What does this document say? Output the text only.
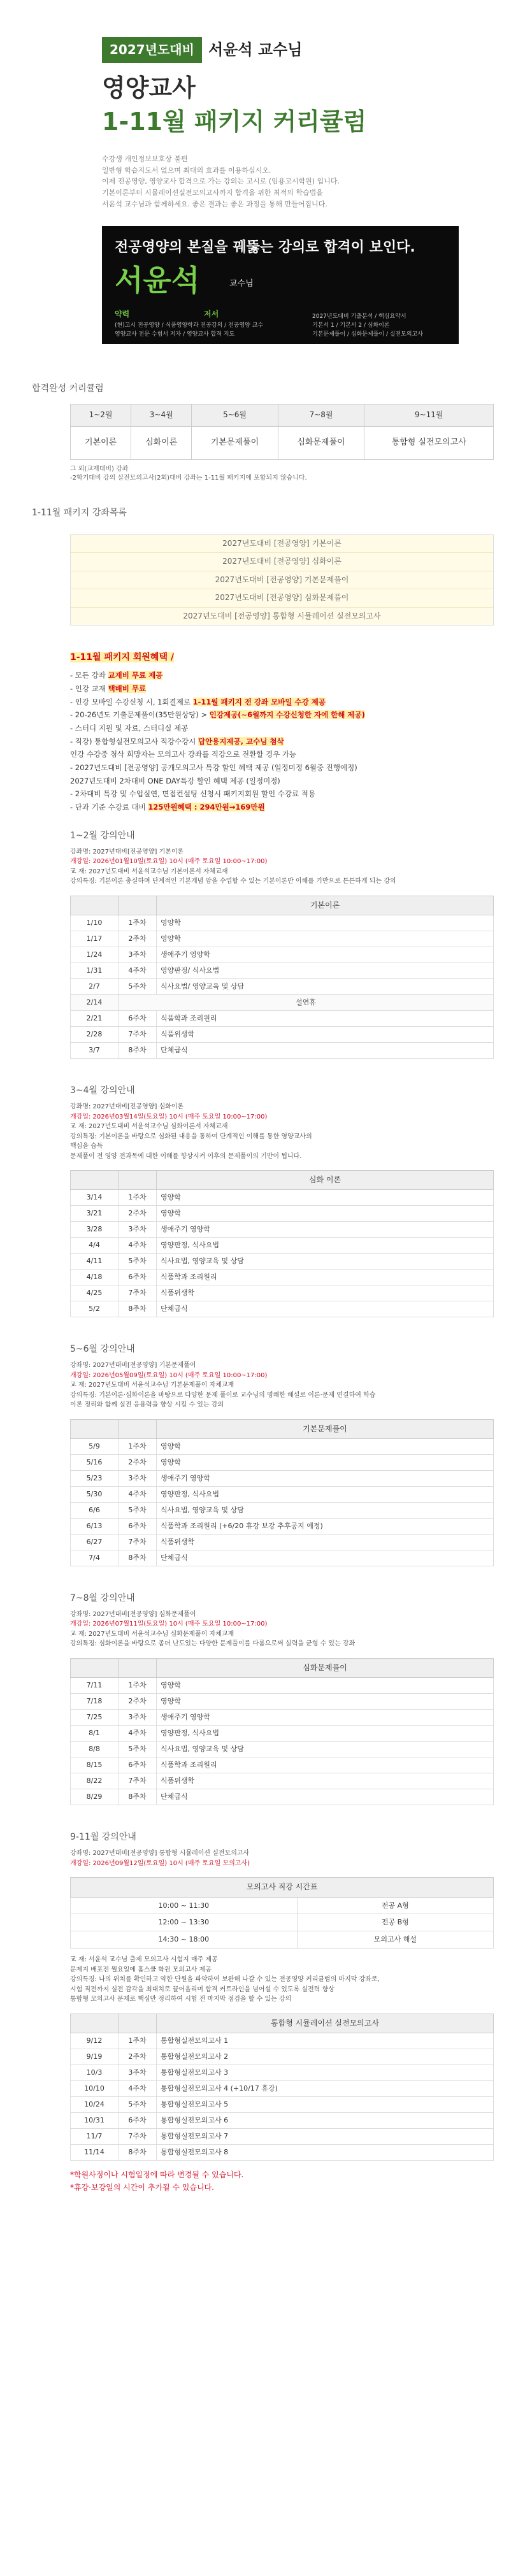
2027년도대비 서윤석 교수님
영양교사
1-11월 패키지 커리큘럼

수강생 개인정보보호상 불편

일반형 학습지도서 없으며 최대의 효과를 이용하십시오.

이제 전공영양, 영양교사 합격으로 가는 강의는 고시로 (임용고시학원) 입니다.

기본이론부터 시뮬레이션실전모의고사까지 합격을 위한 최적의 학습법을

서윤석 교수님과 함께하세요. 좋은 결과는 좋은 과정을 통해 만들어집니다.

전공영양의 본질을 꿰뚫는 강의로 합격이 보인다.
서윤석	교수님
약력	저서
(현)고시 전공영양 / 식품영양학과 전공강의 / 전공영양 교수
영양교사 전문 수험서 저자 / 영양교사 합격 지도
기본서 1 / 기본서 2 / 심화이론
기본문제풀이 / 심화문제풀이 / 실전모의고사
2027년도대비 기출분석 / 핵심요약서
합격완성 커리큘럼
1~2월	3~4월	5~6월	7~8월	9~11월
기본이론	심화이론	기본문제풀이	심화문제풀이	통합형 실전모의고사

그 외(교재대비) 강좌

-2학기대비 강의 실전모의고사(2회)대비 강좌는 1-11월 패키지에 포함되지 않습니다.

1-11월 패키지 강좌목록
2027년도대비 [전공영양] 기본이론
2027년도대비 [전공영양] 심화이론
2027년도대비 [전공영양] 기본문제풀이
2027년도대비 [전공영양] 심화문제풀이
2027년도대비 [전공영양] 통합형 시뮬레이션 실전모의고사
1-11월 패키지 회원혜택 /
- 모든 강좌 교재비 무료 제공
- 인강 교재 택배비 무료
- 인강 모바일 수강신청 시, 1회결제로 1-11월 패키지 전 강좌 모바일 수강 제공
- 20-26년도 기출문제풀이(35만원상당) > 인강제공(~6월까지 수강신청한 자에 한해 제공)
- 스터디 지원 및 자료, 스터디실 제공
- 직강) 통합형실전모의고사 직강수강시 답안용지제공, 교수님 첨삭
인강 수강중 첨삭 희망자는 모의고사 강좌를 직강으로 전환할 경우 가능
- 2027년도대비 [전공영양] 공개모의고사 특강 할인 혜택 제공 (일정미정 6월중 진행예정)
2027년도대비 2차대비 ONE DAY특강 할인 혜택 제공 (일정미정)
- 2차대비 특강 및 수업실연, 면접컨설팅 신청시 패키지회원 할인 수강료 적용
- 단과 기준 수강료 대비 125만원혜택 : 294만원→169만원
1~2월 강의안내

강좌명: 2027년대비[전공영양] 기본이론

개강일: 2026년01월10일(토요일) 10시 (매주 토요일 10:00~17:00)

교 재: 2027년도대비 서윤석교수님 기본이론서 자체교재

강의특징: 기본이론 충실하며 단계적인 기본개념 암을 수업할 수 있는 기본이론반 이해를 기반으로 튼튼하게 되는 강의

		기본이론
1/10	1주차	영양학
1/17	2주차	영양학
1/24	3주차	생애주기 영양학
1/31	4주차	영양판정/ 식사요법
2/7	5주차	식사요법/ 영양교육 및 상담
2/14	설연휴	
2/21	6주차	식품학과 조리원리
2/28	7주차	식품위생학
3/7	8주차	단체급식
3~4월 강의안내

강좌명: 2027년대비[전공영양] 심화이론

개강일: 2026년03월14일(토요일) 10시 (매주 토요일 10:00~17:00)

교 재: 2027년도대비 서윤석교수님 심화이론서 자체교재

강의특징: 기본이론을 바탕으로 심화된 내용을 통하여 단계적인 이해를 통한 영양교사의

핵심을 습득

문제풀이 전 영양 전과목에 대한 이해를 향상시켜 이후의 문제풀이의 기반이 됩니다.

		심화 이론
3/14	1주차	영양학
3/21	2주차	영양학
3/28	3주차	생애주기 영양학
4/4	4주차	영양판정, 식사요법
4/11	5주차	식사요법, 영양교육 및 상담
4/18	6주차	식품학과 조리원리
4/25	7주차	식품위생학
5/2	8주차	단체급식
5~6월 강의안내

강좌명: 2027년대비[전공영양] 기본문제풀이

개강일: 2026년05월09일(토요일) 10시 (매주 토요일 10:00~17:00)

교 재: 2027년도대비 서윤석교수님 기본문제풀이 자체교재

강의특징: 기본이론·심화이론을 바탕으로 다양한 문제 풀이로 교수님의 명쾌한 해설로 이론·문제 연결하여 학습

이론 정리와 함께 실전 응용력을 향상 시킬 수 있는 강의

		기본문제풀이
5/9	1주차	영양학
5/16	2주차	영양학
5/23	3주차	생애주기 영양학
5/30	4주차	영양판정, 식사요법
6/6	5주차	식사요법, 영양교육 및 상담
6/13	6주차	식품학과 조리원리 (+6/20 휴강 보강 추후공지 예정)
6/27	7주차	식품위생학
7/4	8주차	단체급식
7~8월 강의안내

강좌명: 2027년대비[전공영양] 심화문제풀이

개강일: 2026년07월11일(토요일) 10시 (매주 토요일 10:00~17:00)

교 재: 2027년도대비 서윤석교수님 심화문제풀이 자체교재

강의특징: 심화이론을 바탕으로 좀더 난도있는 다양한 문제풀이를 다룸으로써 실력을 균형 수 있는 강좌

		심화문제풀이
7/11	1주차	영양학
7/18	2주차	영양학
7/25	3주차	생애주기 영양학
8/1	4주차	영양판정, 식사요법
8/8	5주차	식사요법, 영양교육 및 상담
8/15	6주차	식품학과 조리원리
8/22	7주차	식품위생학
8/29	8주차	단체급식
9-11월 강의안내

강좌명: 2027년대비[전공영양] 통합형 시뮬레이션 실전모의고사

개강일: 2026년09월12일(토요일) 10시 (매주 토요일 모의고사)

모의고사 직강 시간표	
10:00 ~ 11:30	전공 A형
12:00 ~ 13:30	전공 B형
14:30 ~ 18:00	모의고사 해설

교 재: 서윤석 교수님 출제 모의고사 시험지 매주 제공

문제지 배포전 월요일에 홈스쿨 학원 모의고사 제공

강의특징: 나의 위치를 확인하고 약한 단원을 파악하여 보완해 나갈 수 있는 전공영양 커리큘럼의 마지막 강좌로,

시험 직전까지 실전 감각을 최대치로 끌어올리며 합격 커트라인을 넘어설 수 있도록 실전력 향상

통합형 모의고사 문제로 핵심만 정리하여 시험 전 마지막 점검을 할 수 있는 강의

		통합형 시뮬레이션 실전모의고사
9/12	1주차	통합형실전모의고사 1
9/19	2주차	통합형실전모의고사 2
10/3	3주차	통합형실전모의고사 3
10/10	4주차	통합형실전모의고사 4 (+10/17 휴강)
10/24	5주차	통합형실전모의고사 5
10/31	6주차	통합형실전모의고사 6
11/7	7주차	통합형실전모의고사 7
11/14	8주차	통합형실전모의고사 8

*학원사정이나 시험일정에 따라 변경될 수 있습니다.

*휴강·보강일의 시간이 추가될 수 있습니다.
